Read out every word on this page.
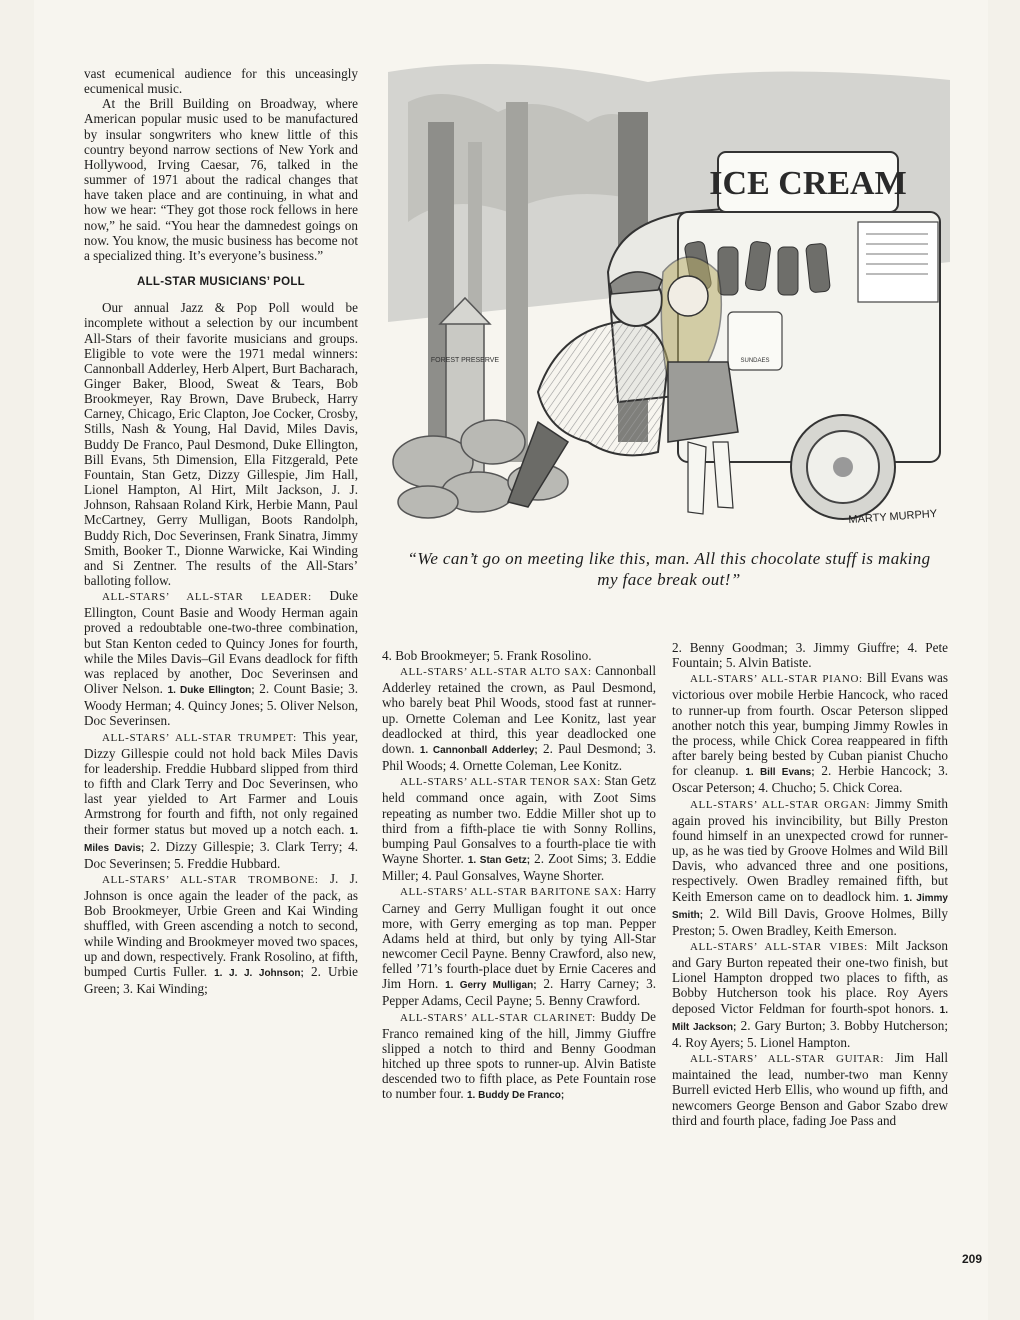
vast ecumenical audience for this unceasingly ecumenical music.

At the Brill Building on Broadway, where American popular music used to be manufactured by insular songwriters who knew little of this country beyond narrow sections of New York and Hollywood, Irving Caesar, 76, talked in the summer of 1971 about the radical changes that have taken place and are continuing, in what and how we hear: “They got those rock fellows in here now,” he said. “You hear the damnedest goings on now. You know, the music business has become not a specialized thing. It’s everyone’s business.”

ALL-STAR MUSICIANS’ POLL

Our annual Jazz & Pop Poll would be incomplete without a selection by our incumbent All-Stars of their favorite musicians and groups. Eligible to vote were the 1971 medal winners: Cannonball Adderley, Herb Alpert, Burt Bacharach, Ginger Baker, Blood, Sweat & Tears, Bob Brookmeyer, Ray Brown, Dave Brubeck, Harry Carney, Chicago, Eric Clapton, Joe Cocker, Crosby, Stills, Nash & Young, Hal David, Miles Davis, Buddy De Franco, Paul Desmond, Duke Ellington, Bill Evans, 5th Dimension, Ella Fitzgerald, Pete Fountain, Stan Getz, Dizzy Gillespie, Jim Hall, Lionel Hampton, Al Hirt, Milt Jackson, J. J. Johnson, Rahsaan Roland Kirk, Herbie Mann, Paul McCartney, Gerry Mulligan, Boots Randolph, Buddy Rich, Doc Severinsen, Frank Sinatra, Jimmy Smith, Booker T., Dionne Warwicke, Kai Winding and Si Zentner. The results of the All-Stars’ balloting follow.

ALL-STARS’ ALL-STAR LEADER: Duke Ellington, Count Basie and Woody Herman again proved a redoubtable one-two-three combination, but Stan Kenton ceded to Quincy Jones for fourth, while the Miles Davis–Gil Evans deadlock for fifth was replaced by another, Doc Severinsen and Oliver Nelson. 1. Duke Ellington; 2. Count Basie; 3. Woody Herman; 4. Quincy Jones; 5. Oliver Nelson, Doc Severinsen.

ALL-STARS’ ALL-STAR TRUMPET: This year, Dizzy Gillespie could not hold back Miles Davis for leadership. Freddie Hubbard slipped from third to fifth and Clark Terry and Doc Severinsen, who last year yielded to Art Farmer and Louis Armstrong for fourth and fifth, not only regained their former status but moved up a notch each. 1. Miles Davis; 2. Dizzy Gillespie; 3. Clark Terry; 4. Doc Severinsen; 5. Freddie Hubbard.

ALL-STARS’ ALL-STAR TROMBONE: J. J. Johnson is once again the leader of the pack, as Bob Brookmeyer, Urbie Green and Kai Winding shuffled, with Green ascending a notch to second, while Winding and Brookmeyer moved two spaces, up and down, respectively. Frank Rosolino, at fifth, bumped Curtis Fuller. 1. J. J. Johnson; 2. Urbie Green; 3. Kai Winding;

FOREST PRESERVE
ICE CREAM
SUNDAES
MARTY MURPHY
“We can’t go on meeting like this, man. All this chocolate stuff is making my face break out!”

4. Bob Brookmeyer; 5. Frank Rosolino.

ALL-STARS’ ALL-STAR ALTO SAX: Cannonball Adderley retained the crown, as Paul Desmond, who barely beat Phil Woods, stood fast at runner-up. Ornette Coleman and Lee Konitz, last year deadlocked at third, this year deadlocked one down. 1. Cannonball Adderley; 2. Paul Desmond; 3. Phil Woods; 4. Ornette Coleman, Lee Konitz.

ALL-STARS’ ALL-STAR TENOR SAX: Stan Getz held command once again, with Zoot Sims repeating as number two. Eddie Miller shot up to third from a fifth-place tie with Sonny Rollins, bumping Paul Gonsalves to a fourth-place tie with Wayne Shorter. 1. Stan Getz; 2. Zoot Sims; 3. Eddie Miller; 4. Paul Gonsalves, Wayne Shorter.

ALL-STARS’ ALL-STAR BARITONE SAX: Harry Carney and Gerry Mulligan fought it out once more, with Gerry emerging as top man. Pepper Adams held at third, but only by tying All-Star newcomer Cecil Payne. Benny Crawford, also new, felled ’71’s fourth-place duet by Ernie Caceres and Jim Horn. 1. Gerry Mulligan; 2. Harry Carney; 3. Pepper Adams, Cecil Payne; 5. Benny Crawford.

ALL-STARS’ ALL-STAR CLARINET: Buddy De Franco remained king of the hill, Jimmy Giuffre slipped a notch to third and Benny Goodman hitched up three spots to runner-up. Alvin Batiste descended two to fifth place, as Pete Fountain rose to number four. 1. Buddy De Franco;

2. Benny Goodman; 3. Jimmy Giuffre; 4. Pete Fountain; 5. Alvin Batiste.

ALL-STARS’ ALL-STAR PIANO: Bill Evans was victorious over mobile Herbie Hancock, who raced to runner-up from fourth. Oscar Peterson slipped another notch this year, bumping Jimmy Rowles in the process, while Chick Corea reappeared in fifth after barely being bested by Cuban pianist Chucho for cleanup. 1. Bill Evans; 2. Herbie Hancock; 3. Oscar Peterson; 4. Chucho; 5. Chick Corea.

ALL-STARS’ ALL-STAR ORGAN: Jimmy Smith again proved his invincibility, but Billy Preston found himself in an unexpected crowd for runner-up, as he was tied by Groove Holmes and Wild Bill Davis, who advanced three and one positions, respectively. Owen Bradley remained fifth, but Keith Emerson came on to deadlock him. 1. Jimmy Smith; 2. Wild Bill Davis, Groove Holmes, Billy Preston; 5. Owen Bradley, Keith Emerson.

ALL-STARS’ ALL-STAR VIBES: Milt Jackson and Gary Burton repeated their one-two finish, but Lionel Hampton dropped two places to fifth, as Bobby Hutcherson took his place. Roy Ayers deposed Victor Feldman for fourth-spot honors. 1. Milt Jackson; 2. Gary Burton; 3. Bobby Hutcherson; 4. Roy Ayers; 5. Lionel Hampton.

ALL-STARS’ ALL-STAR GUITAR: Jim Hall maintained the lead, number-two man Kenny Burrell evicted Herb Ellis, who wound up fifth, and newcomers George Benson and Gabor Szabo drew third and fourth place, fading Joe Pass and

209
